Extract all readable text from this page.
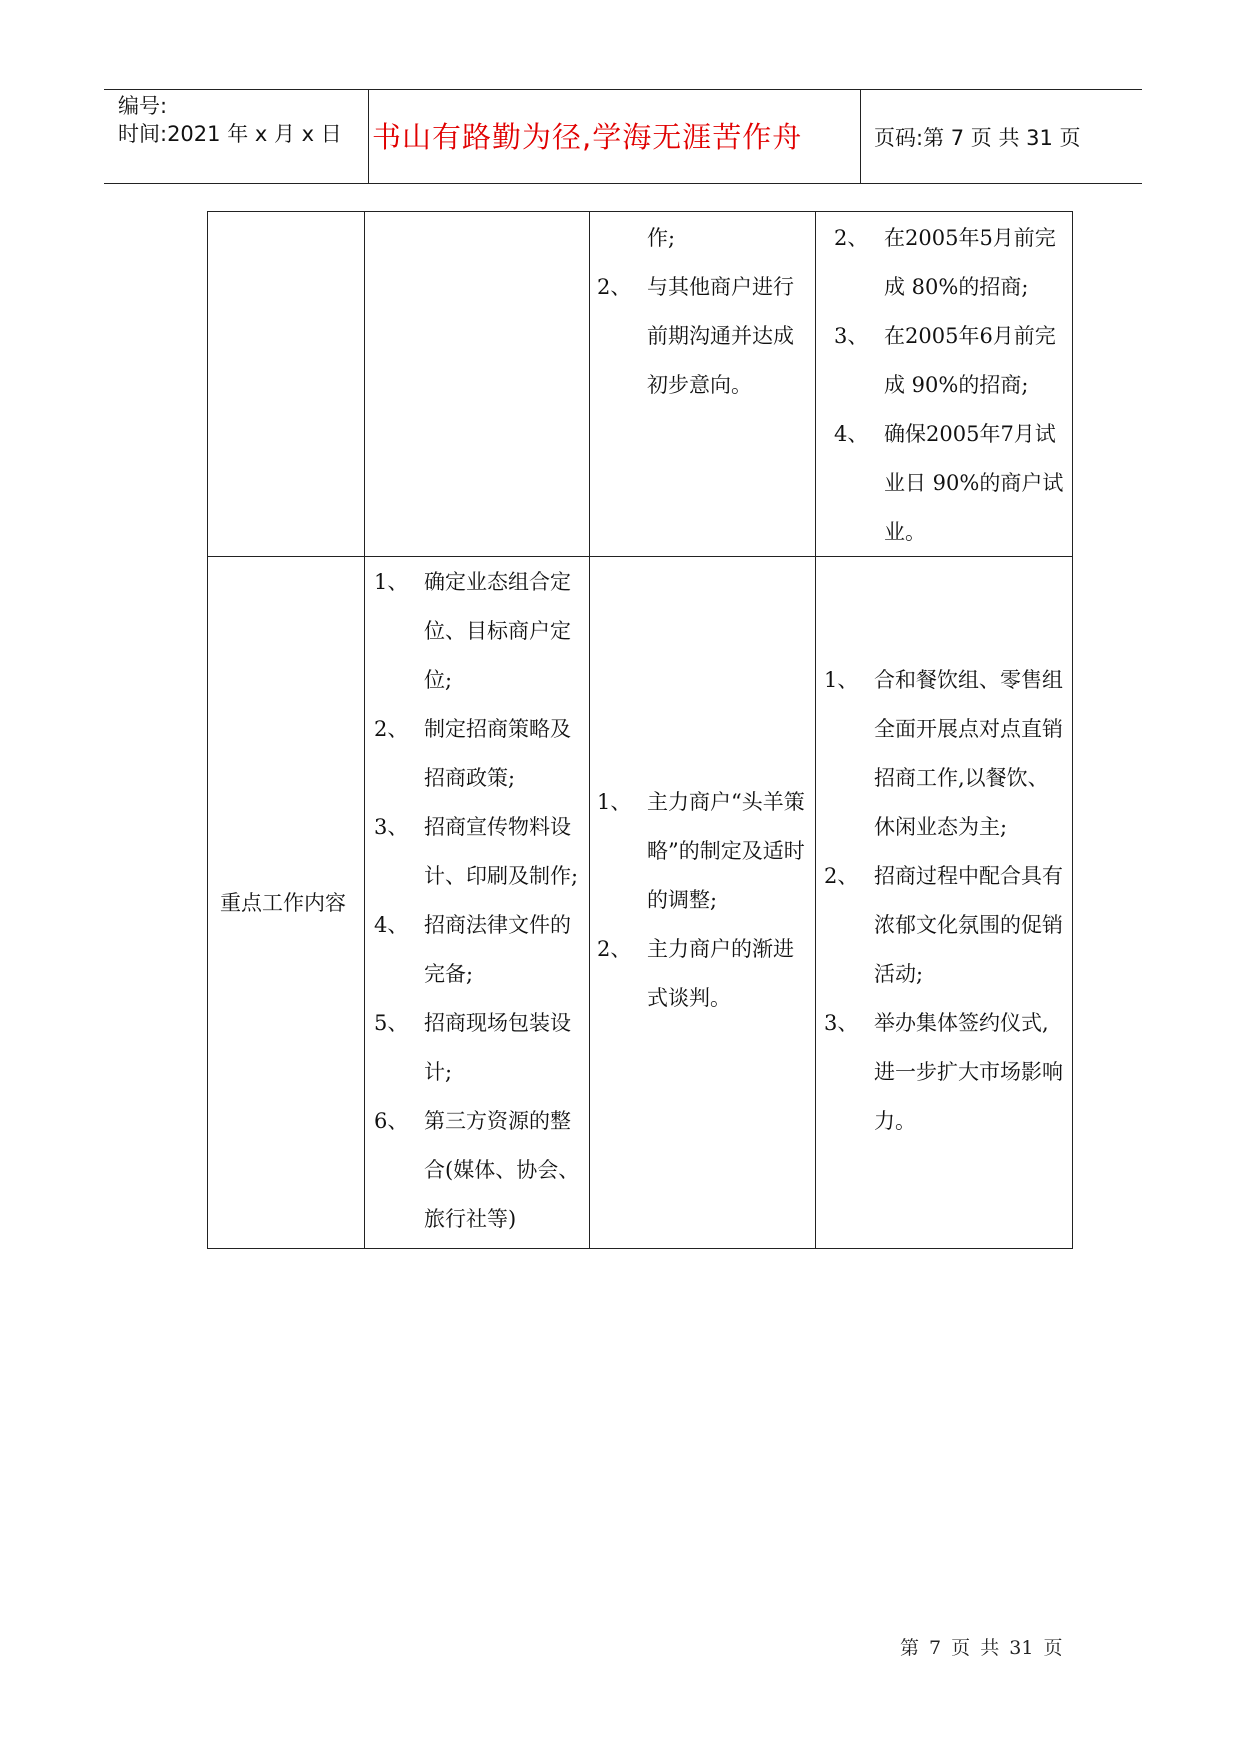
编号:
时间:2021 年 x 月 x 日 书山有路勤为径,学海无涯苦作舟	页码:第 7 页 共 31 页
作;
2、 与其他商户进行前期沟通并达成初步意向。
2、 在2005年5月前完成 80%的招商;
3、 在2005年6月前完成 90%的招商;
4、 确保2005年7月试业日 90%的商户试业。
重点工作内容
1、 确定业态组合定位、目标商户定位;
2、 制定招商策略及招商政策;
3、 招商宣传物料设计、印刷及制作;
4、 招商法律文件的完备;
5、 招商现场包装设计;
6、 第三方资源的整合(媒体、协会、旅行社等)
1、 主力商户“头羊策略”的制定及适时的调整;
2、 主力商户的渐进式谈判。
1、 合和餐饮组、零售组全面开展点对点直销招商工作,以餐饮、休闲业态为主;
2、 招商过程中配合具有浓郁文化氛围的促销活动;
3、 举办集体签约仪式,进一步扩大市场影响力。
第 7 页 共 31 页
